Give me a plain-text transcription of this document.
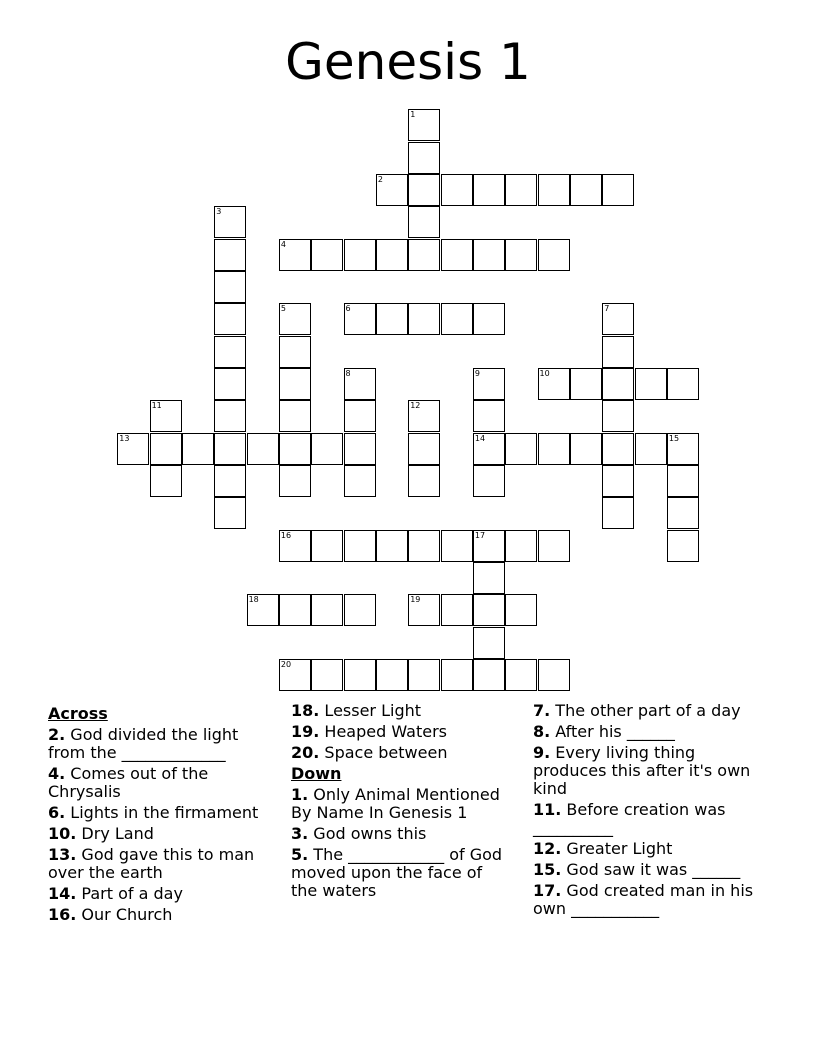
Genesis 1
1
2
3
4
5	6	7
8	9	10
11	12
13	14	15
16	17
18	19
20
Across
2. God divided the light from the _____________
4. Comes out of the Chrysalis
6. Lights in the firmament
10. Dry Land
13. God gave this to man over the earth
14. Part of a day
16. Our Church
18. Lesser Light
19. Heaped Waters
20. Space between
Down
1. Only Animal Mentioned By Name In Genesis 1
3. God owns this
5. The ____________ of God moved upon the face of the waters
7. The other part of a day
8. After his ______
9. Every living thing produces this after it's own kind
11. Before creation was __________
12. Greater Light
15. God saw it was ______
17. God created man in his own ___________
